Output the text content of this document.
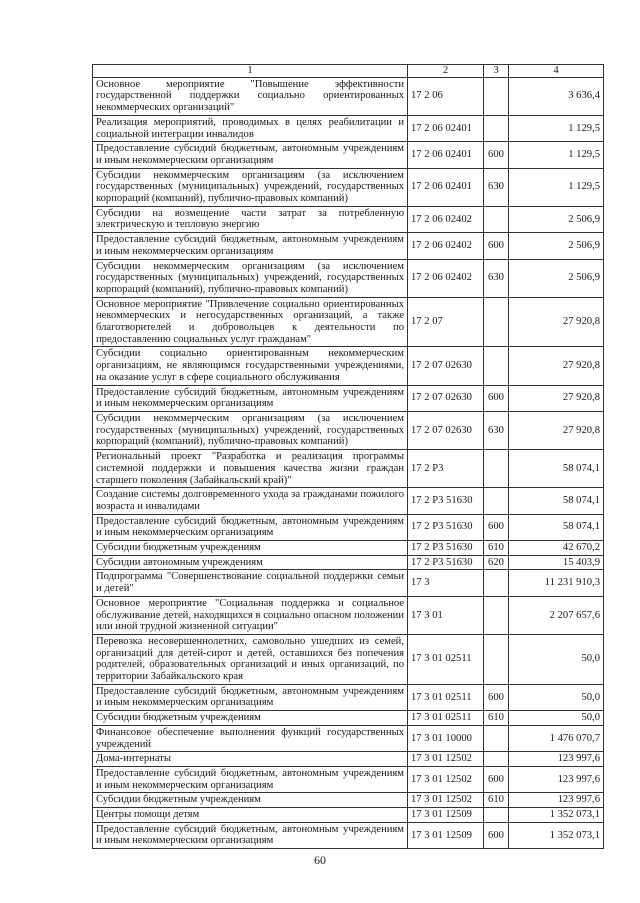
1	2	3	4
Основное мероприятие "Повышение эффективности государственной поддержки социально ориентированных некоммерческих организаций"	17 2 06		3 636,4
Реализация мероприятий, проводимых в целях реабилитации и социальной интеграции инвалидов	17 2 06 02401		1 129,5
Предоставление субсидий бюджетным, автономным учреждениям и иным некоммерческим организациям	17 2 06 02401	600	1 129,5
Субсидии некоммерческим организациям (за исключением государственных (муниципальных) учреждений, государственных корпораций (компаний), публично-правовых компаний)	17 2 06 02401	630	1 129,5
Субсидии на возмещение части затрат за потребленную электрическую и тепловую энергию	17 2 06 02402		2 506,9
Предоставление субсидий бюджетным, автономным учреждениям и иным некоммерческим организациям	17 2 06 02402	600	2 506,9
Субсидии некоммерческим организациям (за исключением государственных (муниципальных) учреждений, государственных корпораций (компаний), публично-правовых компаний)	17 2 06 02402	630	2 506,9
Основное мероприятие "Привлечение социально ориентированных некоммерческих и негосударственных организаций, а также благотворителей и добровольцев к деятельности по предоставлению социальных услуг гражданам"	17 2 07		27 920,8
Субсидии социально ориентированным некоммерческим организациям, не являющимся государственными учреждениями, на оказание услуг в сфере социального обслуживания	17 2 07 02630		27 920,8
Предоставление субсидий бюджетным, автономным учреждениям и иным некоммерческим организациям	17 2 07 02630	600	27 920,8
Субсидии некоммерческим организациям (за исключением государственных (муниципальных) учреждений, государственных корпораций (компаний), публично-правовых компаний)	17 2 07 02630	630	27 920,8
Региональный проект "Разработка и реализация программы системной поддержки и повышения качества жизни граждан старшего поколения (Забайкальский край)"	17 2 P3		58 074,1
Создание системы долговременного ухода за гражданами пожилого возраста и инвалидами	17 2 P3 51630		58 074,1
Предоставление субсидий бюджетным, автономным учреждениям и иным некоммерческим организациям	17 2 P3 51630	600	58 074,1
Субсидии бюджетным учреждениям	17 2 P3 51630	610	42 670,2
Субсидии автономным учреждениям	17 2 P3 51630	620	15 403,9
Подпрограмма "Совершенствование социальной поддержки семьи и детей"	17 3		11 231 910,3
Основное мероприятие "Социальная поддержка и социальное обслуживание детей, находящихся в социально опасном положении или иной трудной жизненной ситуации"	17 3 01		2 207 657,6
Перевозка несовершеннолетних, самовольно ушедших из семей, организаций для детей-сирот и детей, оставшихся без попечения родителей, образовательных организаций и иных организаций, по территории Забайкальского края	17 3 01 02511		50,0
Предоставление субсидий бюджетным, автономным учреждениям и иным некоммерческим организациям	17 3 01 02511	600	50,0
Субсидии бюджетным учреждениям	17 3 01 02511	610	50,0
Финансовое обеспечение выполнения функций государственных учреждений	17 3 01 10000		1 476 070,7
Дома-интернаты	17 3 01 12502		123 997,6
Предоставление субсидий бюджетным, автономным учреждениям и иным некоммерческим организациям	17 3 01 12502	600	123 997,6
Субсидии бюджетным учреждениям	17 3 01 12502	610	123 997,6
Центры помощи детям	17 3 01 12509		1 352 073,1
Предоставление субсидий бюджетным, автономным учреждениям и иным некоммерческим организациям	17 3 01 12509	600	1 352 073,1
60
